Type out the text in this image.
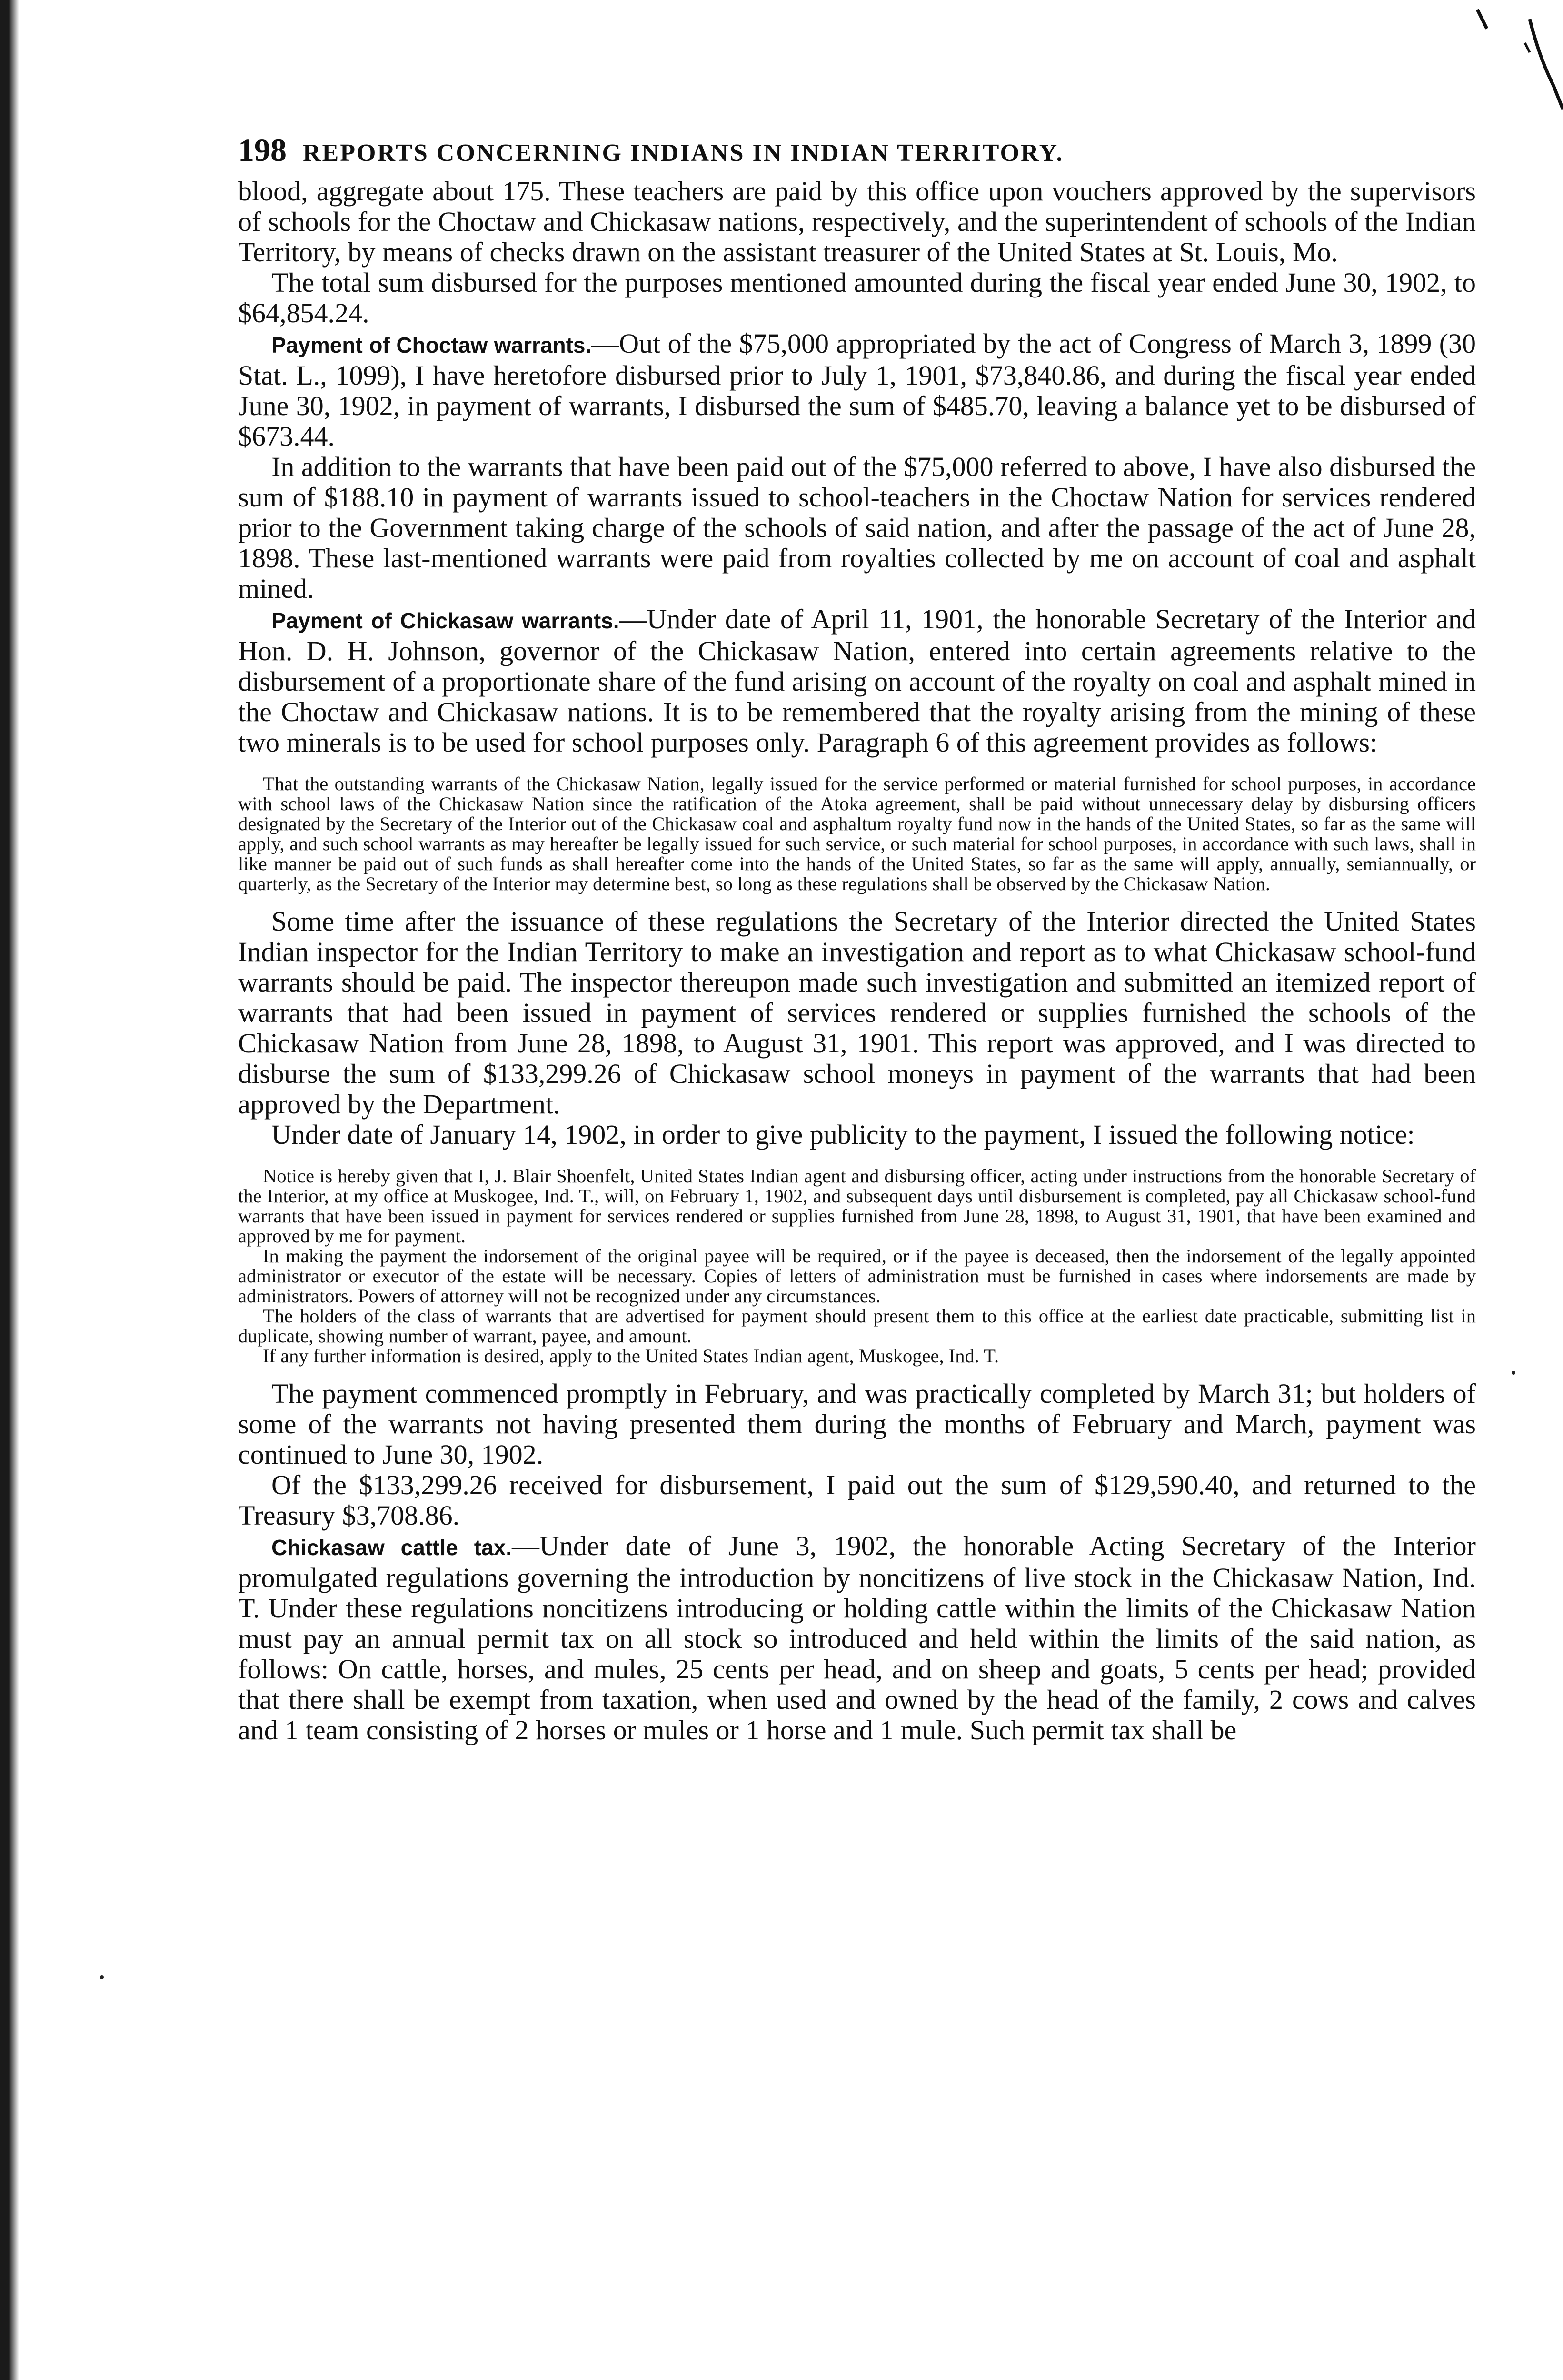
198 REPORTS CONCERNING INDIANS IN INDIAN TERRITORY.

blood, aggregate about 175. These teachers are paid by this office upon vouchers approved by the supervisors of schools for the Choctaw and Chickasaw nations, respectively, and the superintendent of schools of the Indian Territory, by means of checks drawn on the assistant treasurer of the United States at St. Louis, Mo.

The total sum disbursed for the purposes mentioned amounted during the fiscal year ended June 30, 1902, to $64,854.24.

Payment of Choctaw warrants.—Out of the $75,000 appropriated by the act of Congress of March 3, 1899 (30 Stat. L., 1099), I have heretofore disbursed prior to July 1, 1901, $73,840.86, and during the fiscal year ended June 30, 1902, in payment of warrants, I disbursed the sum of $485.70, leaving a balance yet to be disbursed of $673.44.

In addition to the warrants that have been paid out of the $75,000 referred to above, I have also disbursed the sum of $188.10 in payment of warrants issued to school-teachers in the Choctaw Nation for services rendered prior to the Government taking charge of the schools of said nation, and after the passage of the act of June 28, 1898. These last-mentioned warrants were paid from royalties collected by me on account of coal and asphalt mined.

Payment of Chickasaw warrants.—Under date of April 11, 1901, the honorable Secretary of the Interior and Hon. D. H. Johnson, governor of the Chickasaw Nation, entered into certain agreements relative to the disbursement of a proportionate share of the fund arising on account of the royalty on coal and asphalt mined in the Choctaw and Chickasaw nations. It is to be remembered that the royalty arising from the mining of these two minerals is to be used for school purposes only. Paragraph 6 of this agreement provides as follows:

That the outstanding warrants of the Chickasaw Nation, legally issued for the service performed or material furnished for school purposes, in accordance with school laws of the Chickasaw Nation since the ratification of the Atoka agreement, shall be paid without unnecessary delay by disbursing officers designated by the Secretary of the Interior out of the Chickasaw coal and asphaltum royalty fund now in the hands of the United States, so far as the same will apply, and such school warrants as may hereafter be legally issued for such service, or such material for school purposes, in accordance with such laws, shall in like manner be paid out of such funds as shall hereafter come into the hands of the United States, so far as the same will apply, annually, semiannually, or quarterly, as the Secretary of the Interior may determine best, so long as these regulations shall be observed by the Chickasaw Nation.

Some time after the issuance of these regulations the Secretary of the Interior directed the United States Indian inspector for the Indian Territory to make an investigation and report as to what Chickasaw school-fund warrants should be paid. The inspector thereupon made such investigation and submitted an itemized report of warrants that had been issued in payment of services rendered or supplies furnished the schools of the Chickasaw Nation from June 28, 1898, to August 31, 1901. This report was approved, and I was directed to disburse the sum of $133,299.26 of Chickasaw school moneys in payment of the warrants that had been approved by the Department.

Under date of January 14, 1902, in order to give publicity to the payment, I issued the following notice:

Notice is hereby given that I, J. Blair Shoenfelt, United States Indian agent and disbursing officer, acting under instructions from the honorable Secretary of the Interior, at my office at Muskogee, Ind. T., will, on February 1, 1902, and subsequent days until disbursement is completed, pay all Chickasaw school-fund warrants that have been issued in payment for services rendered or supplies furnished from June 28, 1898, to August 31, 1901, that have been examined and approved by me for payment.

In making the payment the indorsement of the original payee will be required, or if the payee is deceased, then the indorsement of the legally appointed administrator or executor of the estate will be necessary. Copies of letters of administration must be furnished in cases where indorsements are made by administrators. Powers of attorney will not be recognized under any circumstances.

The holders of the class of warrants that are advertised for payment should present them to this office at the earliest date practicable, submitting list in duplicate, showing number of warrant, payee, and amount.

If any further information is desired, apply to the United States Indian agent, Muskogee, Ind. T.

The payment commenced promptly in February, and was practically completed by March 31; but holders of some of the warrants not having presented them during the months of February and March, payment was continued to June 30, 1902.

Of the $133,299.26 received for disbursement, I paid out the sum of $129,590.40, and returned to the Treasury $3,708.86.

Chickasaw cattle tax.—Under date of June 3, 1902, the honorable Acting Secretary of the Interior promulgated regulations governing the introduction by noncitizens of live stock in the Chickasaw Nation, Ind. T. Under these regulations noncitizens introducing or holding cattle within the limits of the Chickasaw Nation must pay an annual permit tax on all stock so introduced and held within the limits of the said nation, as follows: On cattle, horses, and mules, 25 cents per head, and on sheep and goats, 5 cents per head; provided that there shall be exempt from taxation, when used and owned by the head of the family, 2 cows and calves and 1 team consisting of 2 horses or mules or 1 horse and 1 mule. Such permit tax shall be
